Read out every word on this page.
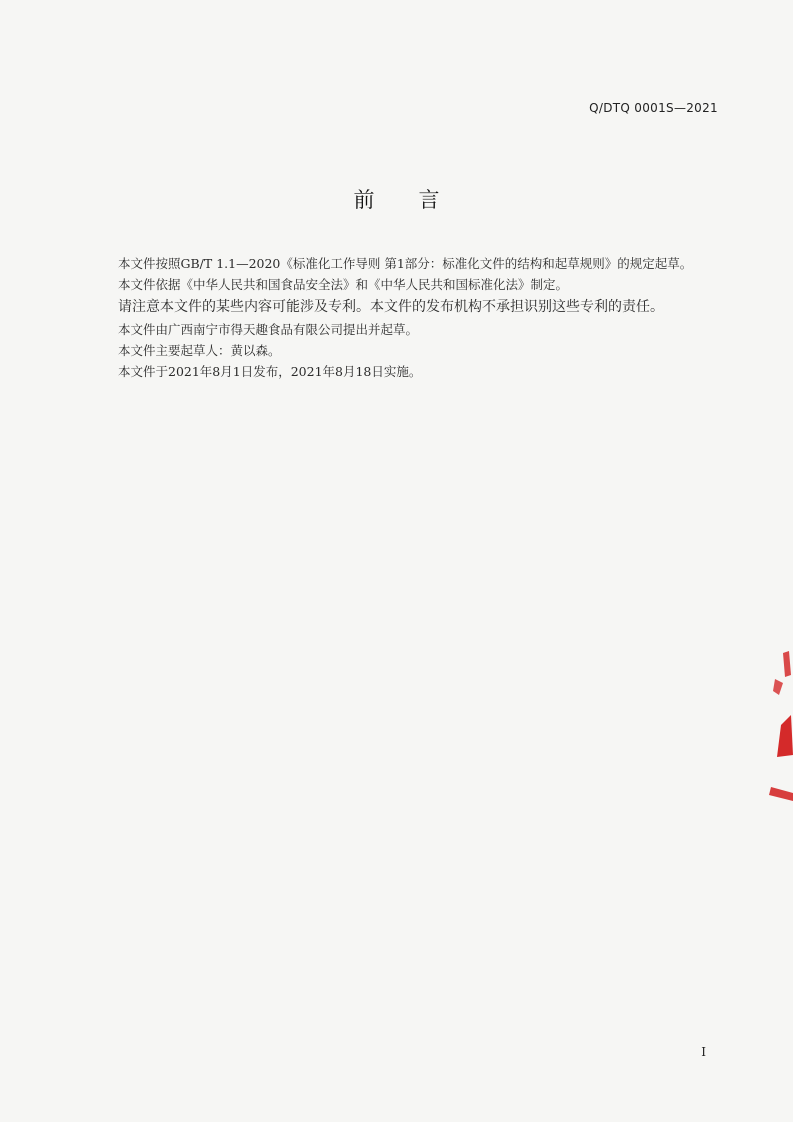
Q/DTQ 0001S—2021
前言

本文件按照GB/T 1.1—2020《标准化工作导则 第1部分：标准化文件的结构和起草规则》的规定起草。

本文件依据《中华人民共和国食品安全法》和《中华人民共和国标准化法》制定。

请注意本文件的某些内容可能涉及专利。本文件的发布机构不承担识别这些专利的责任。

本文件由广西南宁市得天趣食品有限公司提出并起草。

本文件主要起草人：黄以森。

本文件于2021年8月1日发布，2021年8月18日实施。

I
